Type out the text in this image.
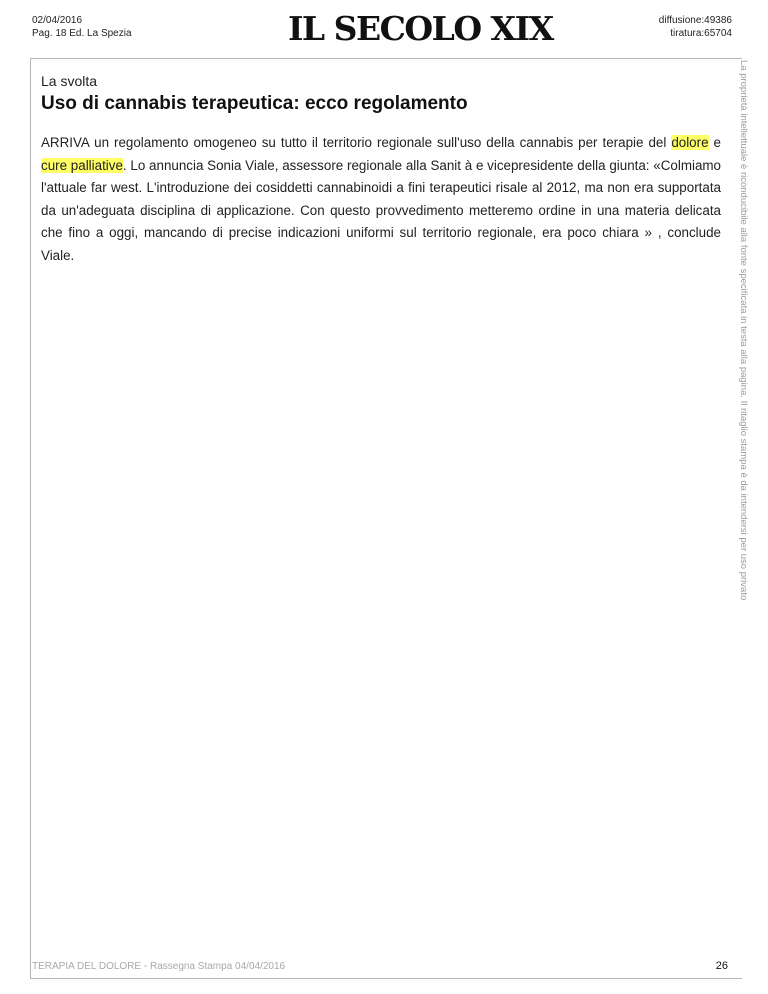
02/04/2016
Pag. 18 Ed. La Spezia	IL SECOLO XIX	diffusione:49386
tiratura:65704
La proprietà intellettuale è riconducibile alla fonte specificata in testa alla pagina. Il ritaglio stampa è da intendersi per uso privato
La svolta
Uso di cannabis terapeutica: ecco regolamento
ARRIVA un regolamento omogeneo su tutto il territorio regionale sull'uso della cannabis per terapie del dolore e cure palliative. Lo annuncia Sonia Viale, assessore regionale alla Sanit à e vicepresidente della giunta: «Colmiamo l'attuale far west. L'introduzione dei cosiddetti cannabinoidi a fini terapeutici risale al 2012, ma non era supportata da un'adeguata disciplina di applicazione. Con questo provvedimento metteremo ordine in una materia delicata che fino a oggi, mancando di precise indicazioni uniformi sul territorio regionale, era poco chiara » , conclude Viale.
TERAPIA DEL DOLORE - Rassegna Stampa 04/04/2016	26
